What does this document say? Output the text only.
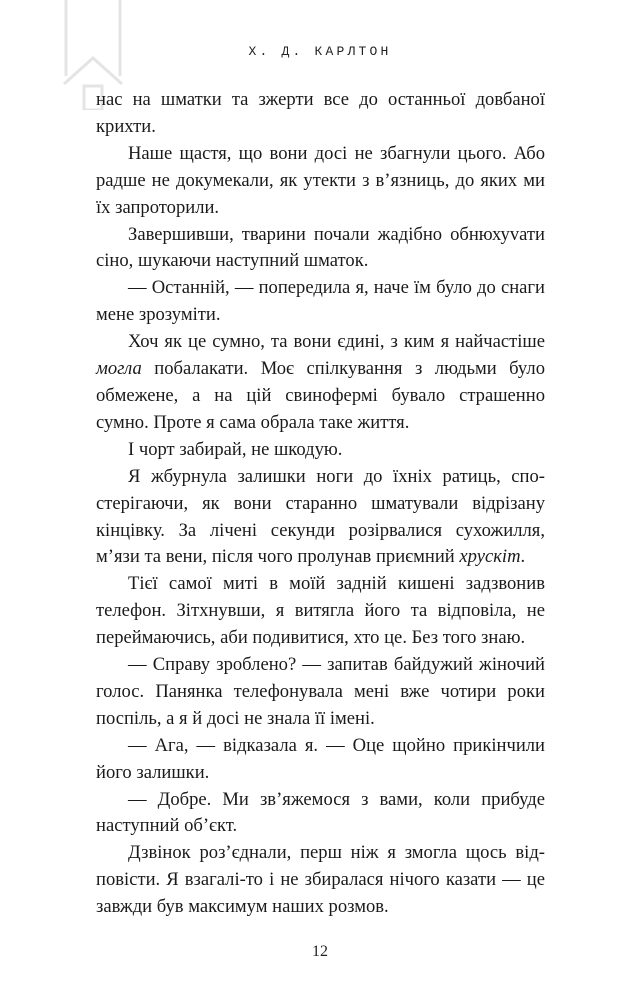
Х. Д. КАРЛТОН

нас на шматки та зжерти все до останньої довбаної крихти.

Наше щастя, що вони досі не збагнули цього. Або радше не докумекали, як утекти з в’язниць, до яких ми їх запроторили.

Завершивши, тварини почали жадібно обнюхуvати сіно, шукаючи наступний шматок.

— Останній, — попередила я, наче їм було до снаги мене зрозуміти.

Хоч як це сумно, та вони єдині, з ким я найчастіше могла побалакати. Моє спілкування з людьми було обмежене, а на цій свинофермі бувало страшенно сумно. Проте я сама обрала таке життя.

І чорт забирай, не шкодую.

Я жбурнула залишки ноги до їхніх ратиць, спостерігаючи, як вони старанно шматували відрізану кінцівку. За лічені секунди розірвалися сухожилля, м’язи та вени, після чого пролунав приємний хрускіт.

Тієї самої миті в моїй задній кишені задзвонив телефон. Зітхнувши, я витягла його та відповіла, не переймаючись, аби подивитися, хто це. Без того знаю.

— Справу зроблено? — запитав байдужий жіночий голос. Панянка телефонувала мені вже чотири роки поспіль, а я й досі не знала її імені.

— Ага, — відказала я. — Оце щойно прикінчили його залишки.

— Добре. Ми зв’яжемося з вами, коли прибуде наступний об’єкт.

Дзвінок роз’єднали, перш ніж я змогла щось відповісти. Я взагалі-то і не збиралася нічого казати — це завжди був максимум наших розмов.

12
